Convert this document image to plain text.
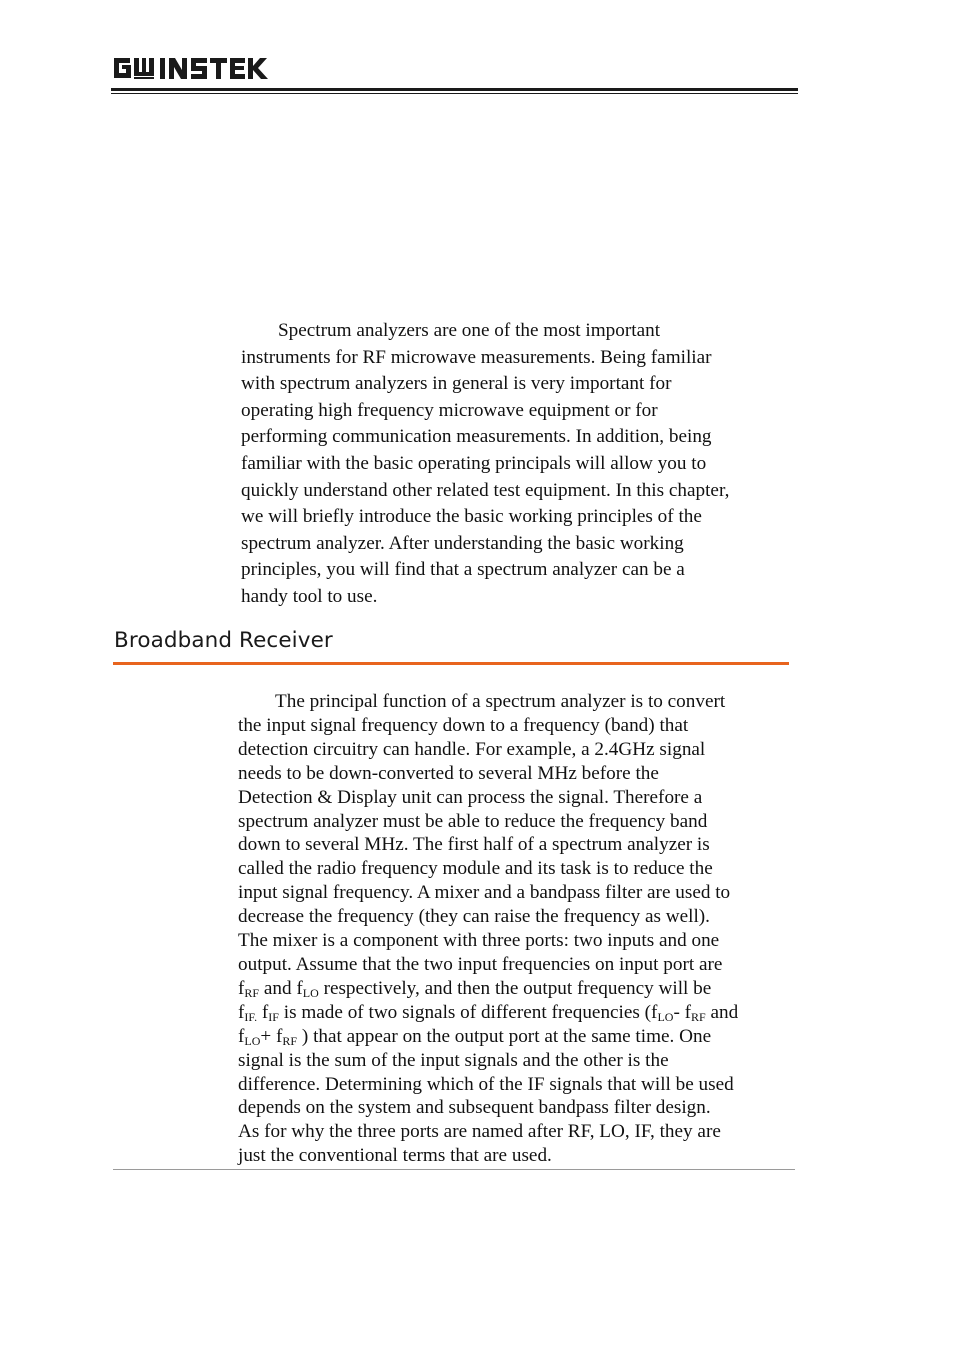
Spectrum analyzers are one of the most important
instruments for RF microwave measurements. Being familiar
with spectrum analyzers in general is very important for
operating high frequency microwave equipment or for
performing communication measurements. In addition, being
familiar with the basic operating principals will allow you to
quickly understand other related test equipment. In this chapter,
we will briefly introduce the basic working principles of the
spectrum analyzer. After understanding the basic working
principles, you will find that a spectrum analyzer can be a
handy tool to use.

Broadband Receiver

The principal function of a spectrum analyzer is to convert
the input signal frequency down to a frequency (band) that
detection circuitry can handle. For example, a 2.4GHz signal
needs to be down-converted to several MHz before the
Detection & Display unit can process the signal. Therefore a
spectrum analyzer must be able to reduce the frequency band
down to several MHz. The first half of a spectrum analyzer is
called the radio frequency module and its task is to reduce the
input signal frequency. A mixer and a bandpass filter are used to
decrease the frequency (they can raise the frequency as well).
The mixer is a component with three ports: two inputs and one
output. Assume that the two input frequencies on input port are
$f_{RF}$ and $f_{LO}$ respectively, and then the output frequency will be
$f_{IF.}$ $f_{IF}$ is made of two signals of different frequencies ($f_{LO}-$ $f_{RF}$ and
$f_{LO}+ f_{RF}$ ) that appear on the output port at the same time. One
signal is the sum of the input signals and the other is the
difference. Determining which of the IF signals that will be used
depends on the system and subsequent bandpass filter design.
As for why the three ports are named after RF, LO, IF, they are
just the conventional terms that are used.
